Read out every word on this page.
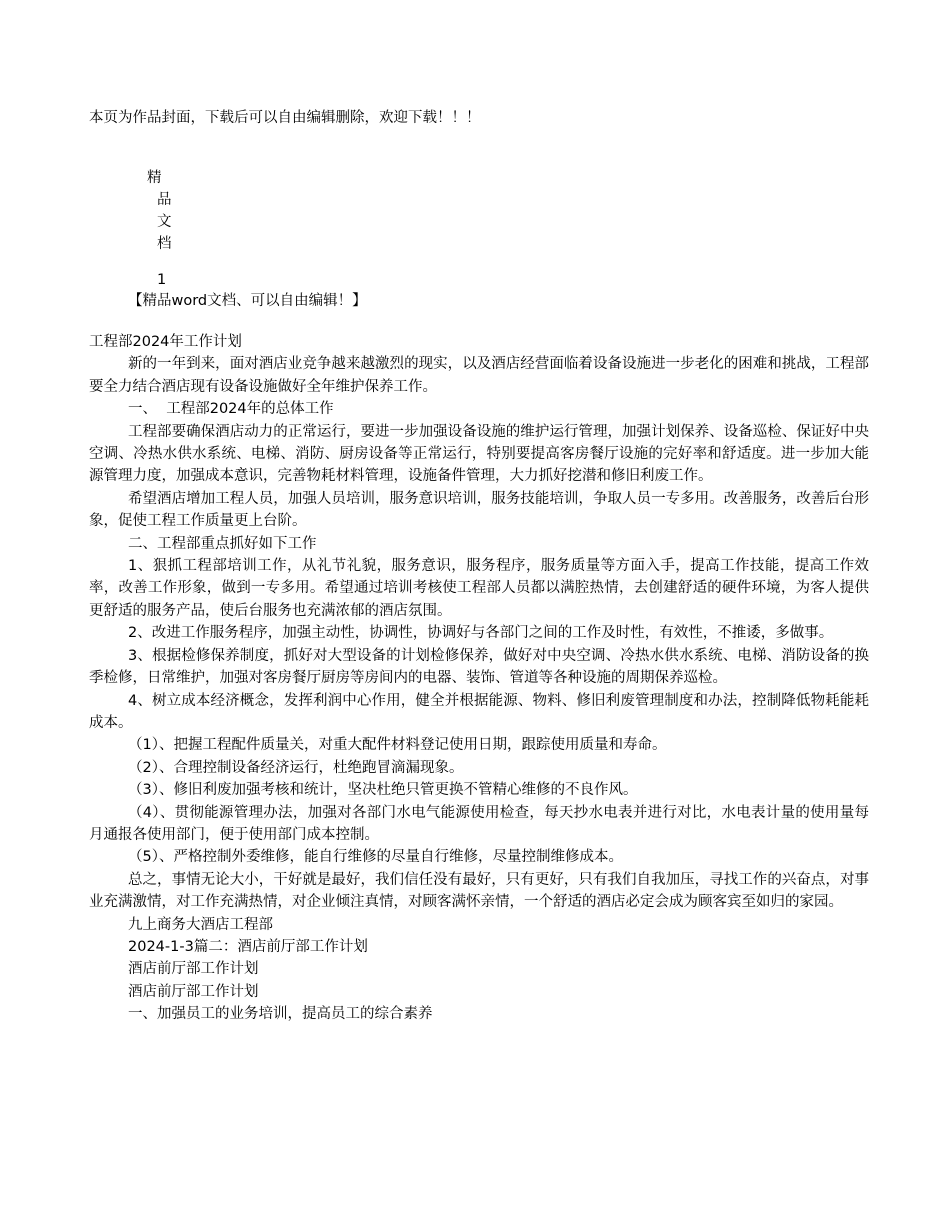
本页为作品封面，下载后可以自由编辑删除，欢迎下载！！！
精
品
文
档
1
【精品word文档、可以自由编辑！】

工程部2024年工作计划

新的一年到来，面对酒店业竞争越来越激烈的现实，以及酒店经营面临着设备设施进一步老化的困难和挑战，工程部要全力结合酒店现有设备设施做好全年维护保养工作。

一、  工程部2024年的总体工作

工程部要确保酒店动力的正常运行，要进一步加强设备设施的维护运行管理，加强计划保养、设备巡检、保证好中央空调、冷热水供水系统、电梯、消防、厨房设备等正常运行，特别要提高客房餐厅设施的完好率和舒适度。进一步加大能源管理力度，加强成本意识，完善物耗材料管理，设施备件管理，大力抓好挖潜和修旧利废工作。

希望酒店增加工程人员，加强人员培训，服务意识培训，服务技能培训，争取人员一专多用。改善服务，改善后台形象，促使工程工作质量更上台阶。

二、工程部重点抓好如下工作

1、狠抓工程部培训工作，从礼节礼貌，服务意识，服务程序，服务质量等方面入手，提高工作技能，提高工作效率，改善工作形象，做到一专多用。希望通过培训考核使工程部人员都以满腔热情，去创建舒适的硬件环境，为客人提供更舒适的服务产品，使后台服务也充满浓郁的酒店氛围。

2、改进工作服务程序，加强主动性，协调性，协调好与各部门之间的工作及时性，有效性，不推诿，多做事。

3、根据检修保养制度，抓好对大型设备的计划检修保养，做好对中央空调、冷热水供水系统、电梯、消防设备的换季检修，日常维护，加强对客房餐厅厨房等房间内的电器、装饰、管道等各种设施的周期保养巡检。

4、树立成本经济概念，发挥利润中心作用，健全并根据能源、物料、修旧利废管理制度和办法，控制降低物耗能耗成本。

（1）、把握工程配件质量关，对重大配件材料登记使用日期，跟踪使用质量和寿命。

（2）、合理控制设备经济运行，杜绝跑冒滴漏现象。

（3）、修旧利废加强考核和统计，坚决杜绝只管更换不管精心维修的不良作风。

（4）、贯彻能源管理办法，加强对各部门水电气能源使用检查，每天抄水电表并进行对比，水电表计量的使用量每月通报各使用部门，便于使用部门成本控制。

（5）、严格控制外委维修，能自行维修的尽量自行维修，尽量控制维修成本。

总之，事情无论大小，干好就是最好，我们信任没有最好，只有更好，只有我们自我加压，寻找工作的兴奋点，对事业充满激情，对工作充满热情，对企业倾注真情，对顾客满怀亲情，一个舒适的酒店必定会成为顾客宾至如归的家园。

九上商务大酒店工程部

2024-1-3篇二：酒店前厅部工作计划

酒店前厅部工作计划

酒店前厅部工作计划

一、加强员工的业务培训，提高员工的综合素养
